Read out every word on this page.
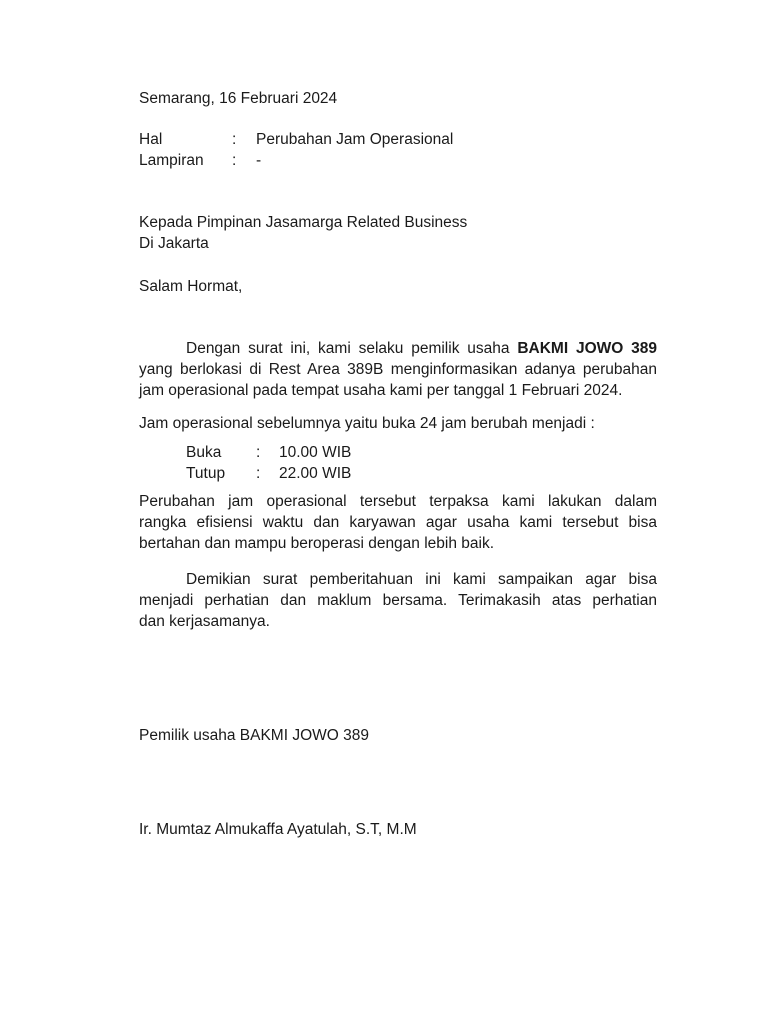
Semarang, 16 Februari 2024
Hal	: Perubahan Jam Operasional
Lampiran : -
Kepada Pimpinan Jasamarga Related Business
Di Jakarta
Salam Hormat,
Dengan surat ini, kami selaku pemilik usaha BAKMI JOWO 389
yang berlokasi di Rest Area 389B menginformasikan adanya perubahan
jam operasional pada tempat usaha kami per tanggal 1 Februari 2024.
Jam operasional sebelumnya yaitu buka 24 jam berubah menjadi :
Buka : 10.00 WIB
Tutup : 22.00 WIB
Perubahan jam operasional tersebut terpaksa kami lakukan dalam
rangka efisiensi waktu dan karyawan agar usaha kami tersebut bisa
bertahan dan mampu beroperasi dengan lebih baik.
Demikian surat pemberitahuan ini kami sampaikan agar bisa
menjadi perhatian dan maklum bersama. Terimakasih atas perhatian
dan kerjasamanya.
Pemilik usaha BAKMI JOWO 389
Ir. Mumtaz Almukaffa Ayatulah, S.T, M.M
